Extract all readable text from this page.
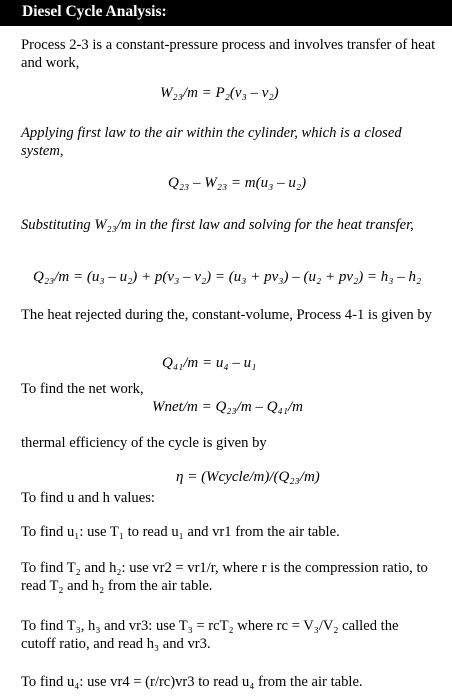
Diesel Cycle Analysis:

Process 2-3 is a constant-pressure process and involves transfer of heat and work,

W₂₃/m = P₂(v₃ – v₂)

Applying first law to the air within the cylinder, which is a closed system,

Q₂₃ – W₂₃ = m(u₃ – u₂)

Substituting W₂₃/m in the first law and solving for the heat transfer,

Q₂₃/m = (u₃ – u₂) + p(v₃ – v₂) = (u₃ + pv₃) – (u₂ + pv₂) = h₃ – h₂

The heat rejected during the, constant-volume, Process 4-1 is given by

Q₄₁/m = u₄ – u₁

To find the net work,

Wnet/m = Q₂₃/m – Q₄₁/m

thermal efficiency of the cycle is given by

η = (Wcycle/m)/(Q₂₃/m)

To find u and h values:

To find u₁: use T₁ to read u₁ and vr1 from the air table.

To find T₂ and h₂: use vr2 = vr1/r, where r is the compression ratio, to read T₂ and h₂ from the air table.

To find T₃, h₃ and vr3: use T₃ = rcT₂ where rc = V₃/V₂ called the cutoff ratio, and read h₃ and vr3.

To find u₄: use vr4 = (r/rc)vr3 to read u₄ from the air table.
